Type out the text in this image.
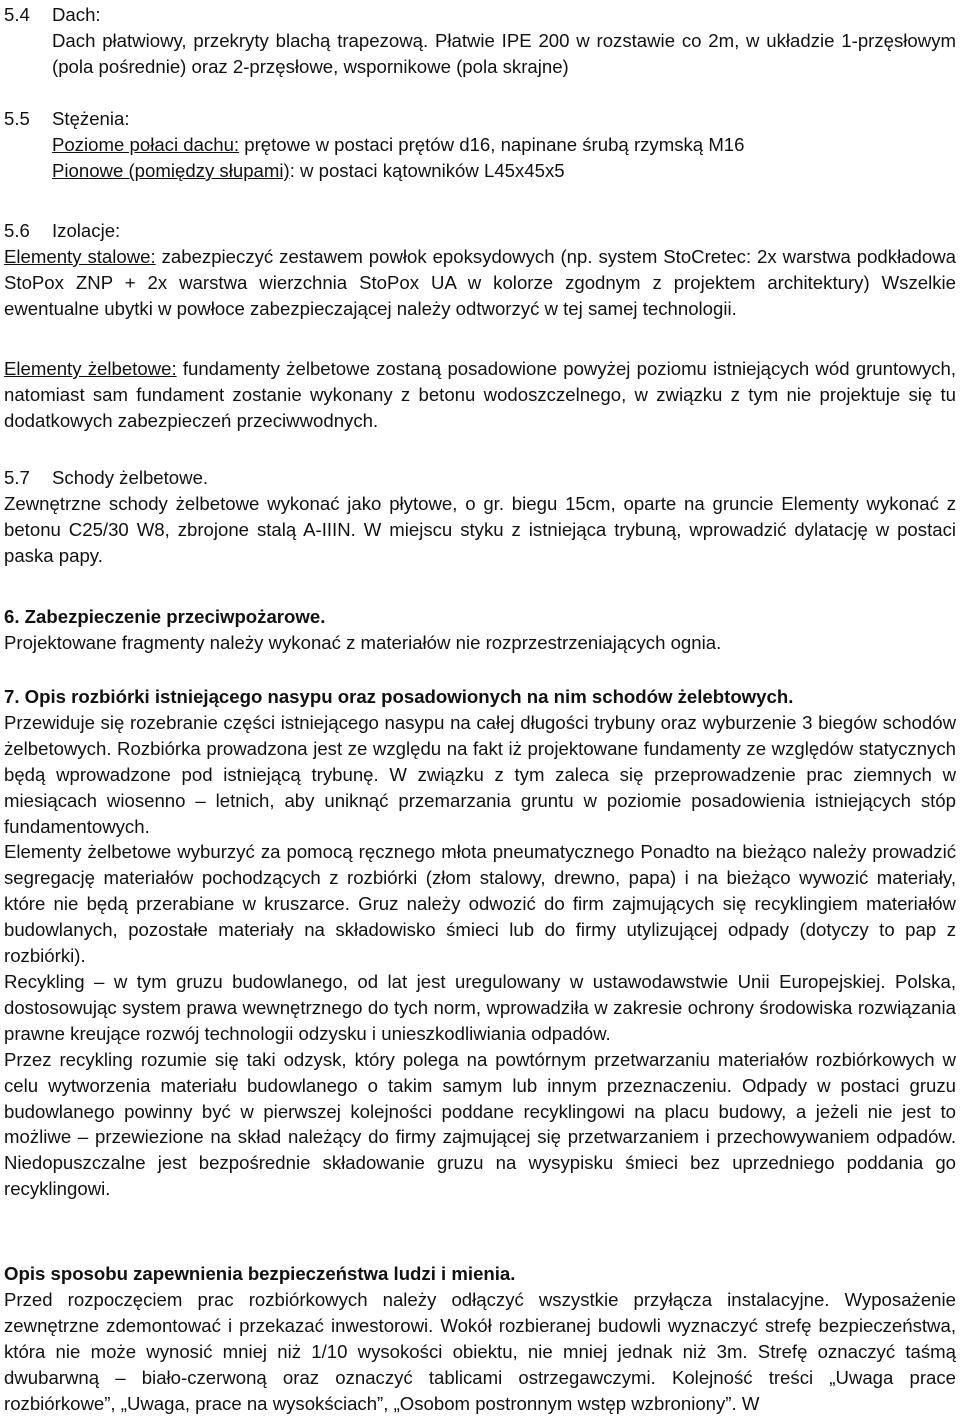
5.4	Dach:

Dach płatwiowy, przekryty blachą trapezową. Płatwie IPE 200 w rozstawie co 2m, w układzie 1-przęsłowym (pola pośrednie) oraz 2-przęsłowe, wspornikowe (pola skrajne)

5.5	Stężenia:

Poziome połaci dachu: prętowe w postaci prętów d16, napinane śrubą rzymską M16

Pionowe (pomiędzy słupami): w postaci kątowników L45x45x5

5.6	Izolacje:

Elementy stalowe: zabezpieczyć zestawem powłok epoksydowych (np. system StoCretec: 2x warstwa podkładowa StoPox ZNP + 2x warstwa wierzchnia StoPox UA w kolorze zgodnym z projektem architektury) Wszelkie ewentualne ubytki w powłoce zabezpieczającej należy odtworzyć w tej samej technologii.

Elementy żelbetowe: fundamenty żelbetowe zostaną posadowione powyżej poziomu istniejących wód gruntowych, natomiast sam fundament zostanie wykonany z betonu wodoszczelnego, w związku z tym nie projektuje się tu dodatkowych zabezpieczeń przeciwwodnych.

5.7	Schody żelbetowe.

Zewnętrzne schody żelbetowe wykonać jako płytowe, o gr. biegu 15cm, oparte na gruncie Elementy wykonać z betonu C25/30 W8, zbrojone stalą A-IIIN. W miejscu styku z istniejąca trybuną, wprowadzić dylatację w postaci paska papy.

6. Zabezpieczenie przeciwpożarowe.

Projektowane fragmenty należy wykonać z materiałów nie rozprzestrzeniających ognia.

7. Opis rozbiórki istniejącego nasypu oraz posadowionych na nim schodów żelebtowych.

Przewiduje się rozebranie części istniejącego nasypu na całej długości trybuny oraz wyburzenie 3 biegów schodów żelbetowych. Rozbiórka prowadzona jest ze względu na fakt iż projektowane fundamenty ze względów statycznych będą wprowadzone pod istniejącą trybunę. W związku z tym zaleca się przeprowadzenie prac ziemnych w miesiącach wiosenno – letnich, aby uniknąć przemarzania gruntu w poziomie posadowienia istniejących stóp fundamentowych.

Elementy żelbetowe wyburzyć za pomocą ręcznego młota pneumatycznego Ponadto na bieżąco należy prowadzić segregację materiałów pochodzących z rozbiórki (złom stalowy, drewno, papa) i na bieżąco wywozić materiały, które nie będą przerabiane w kruszarce. Gruz należy odwozić do firm zajmujących się recyklingiem materiałów budowlanych, pozostałe materiały na składowisko śmieci lub do firmy utylizującej odpady (dotyczy to pap z rozbiórki).

Recykling – w tym gruzu budowlanego, od lat jest uregulowany w ustawodawstwie Unii Europejskiej. Polska, dostosowując system prawa wewnętrznego do tych norm, wprowadziła w zakresie ochrony środowiska rozwiązania prawne kreujące rozwój technologii odzysku i unieszkodliwiania odpadów.

Przez recykling rozumie się taki odzysk, który polega na powtórnym przetwarzaniu materiałów rozbiórkowych w celu wytworzenia materiału budowlanego o takim samym lub innym przeznaczeniu. Odpady w postaci gruzu budowlanego powinny być w pierwszej kolejności poddane recyklingowi na placu budowy, a jeżeli nie jest to możliwe – przewiezione na skład należący do firmy zajmującej się przetwarzaniem i przechowywaniem odpadów. Niedopuszczalne jest bezpośrednie składowanie gruzu na wysypisku śmieci bez uprzedniego poddania go recyklingowi.

Opis sposobu zapewnienia bezpieczeństwa ludzi i mienia.

Przed rozpoczęciem prac rozbiórkowych należy odłączyć wszystkie przyłącza instalacyjne. Wyposażenie zewnętrzne zdemontować i przekazać inwestorowi. Wokół rozbieranej budowli wyznaczyć strefę bezpieczeństwa, która nie może wynosić mniej niż 1/10 wysokości obiektu, nie mniej jednak niż 3m. Strefę oznaczyć taśmą dwubarwną – biało-czerwoną oraz oznaczyć tablicami ostrzegawczymi. Kolejność treści „Uwaga prace rozbiórkowe”, „Uwaga, prace na wysokściach”, „Osobom postronnym wstęp wzbroniony”. W
